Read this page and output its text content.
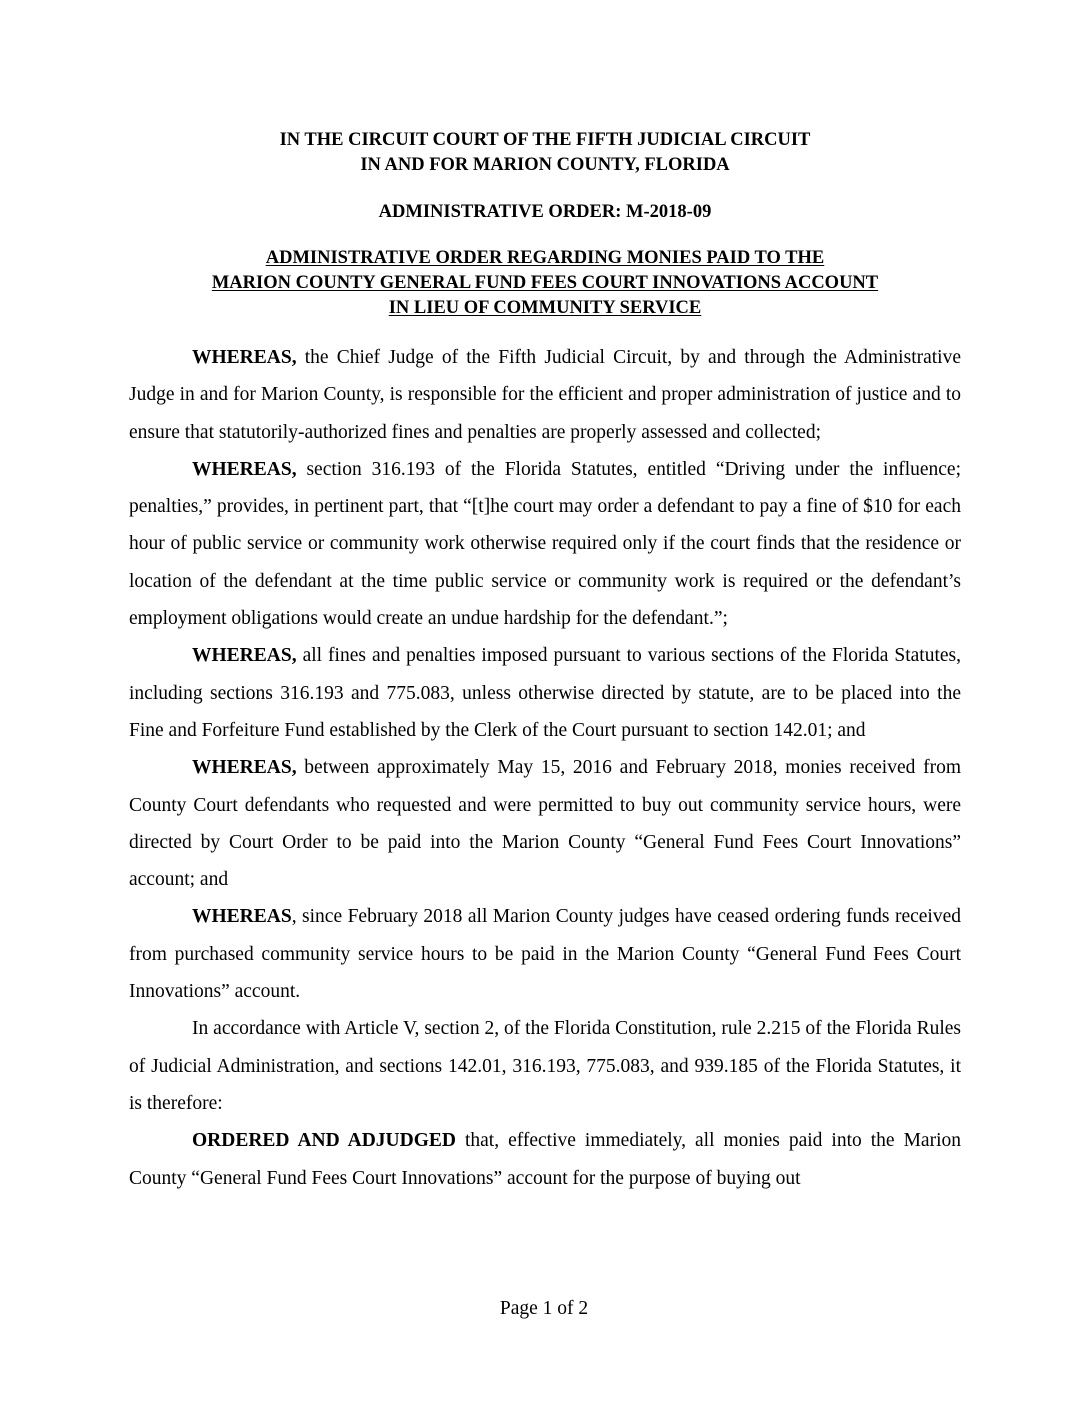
IN THE CIRCUIT COURT OF THE FIFTH JUDICIAL CIRCUIT

IN AND FOR MARION COUNTY, FLORIDA

ADMINISTRATIVE ORDER: M-2018-09

ADMINISTRATIVE ORDER REGARDING MONIES PAID TO THE

MARION COUNTY GENERAL FUND FEES COURT INNOVATIONS ACCOUNT

IN LIEU OF COMMUNITY SERVICE

WHEREAS, the Chief Judge of the Fifth Judicial Circuit, by and through the Administrative Judge in and for Marion County, is responsible for the efficient and proper administration of justice and to ensure that statutorily-authorized fines and penalties are properly assessed and collected;

WHEREAS, section 316.193 of the Florida Statutes, entitled “Driving under the influence; penalties,” provides, in pertinent part, that “[t]he court may order a defendant to pay a fine of $10 for each hour of public service or community work otherwise required only if the court finds that the residence or location of the defendant at the time public service or community work is required or the defendant’s employment obligations would create an undue hardship for the defendant.”;

WHEREAS, all fines and penalties imposed pursuant to various sections of the Florida Statutes, including sections 316.193 and 775.083, unless otherwise directed by statute, are to be placed into the Fine and Forfeiture Fund established by the Clerk of the Court pursuant to section 142.01; and

WHEREAS, between approximately May 15, 2016 and February 2018, monies received from County Court defendants who requested and were permitted to buy out community service hours, were directed by Court Order to be paid into the Marion County “General Fund Fees Court Innovations” account; and

WHEREAS, since February 2018 all Marion County judges have ceased ordering funds received from purchased community service hours to be paid in the Marion County “General Fund Fees Court Innovations” account.

In accordance with Article V, section 2, of the Florida Constitution, rule 2.215 of the Florida Rules of Judicial Administration, and sections 142.01, 316.193, 775.083, and 939.185 of the Florida Statutes, it is therefore:

ORDERED AND ADJUDGED that, effective immediately, all monies paid into the Marion County “General Fund Fees Court Innovations” account for the purpose of buying out

Page 1 of 2
